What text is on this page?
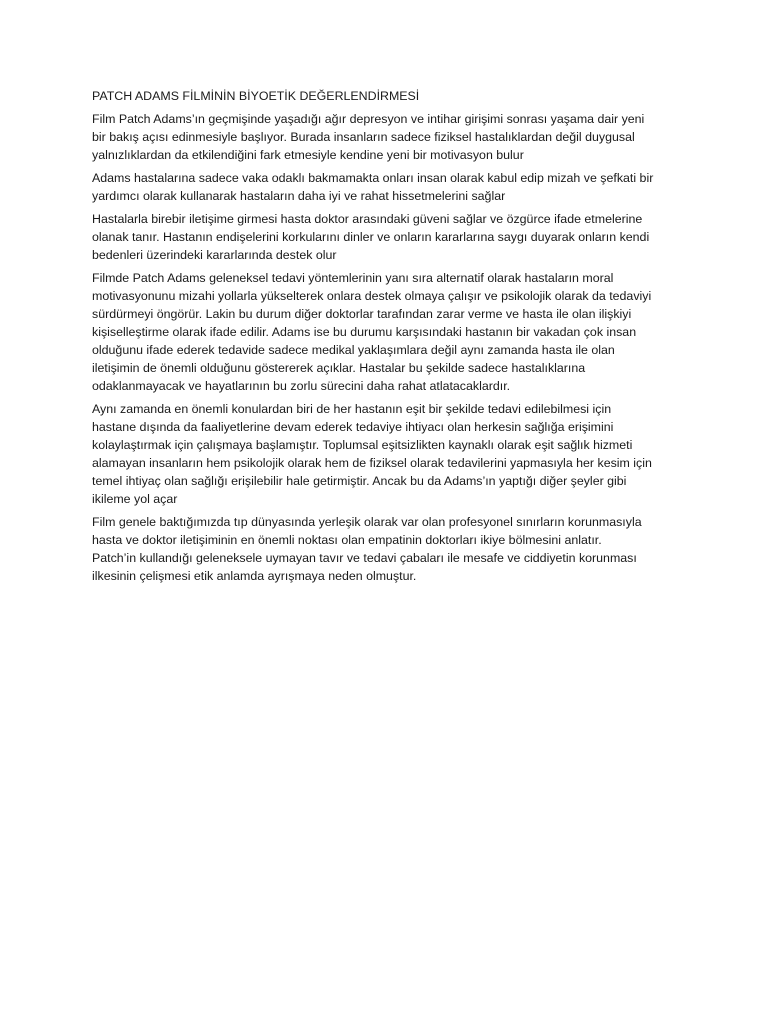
PATCH ADAMS FİLMİNİN BİYOETİK DEĞERLENDİRMESİ
Film Patch Adams’ın geçmişinde yaşadığı ağır depresyon ve intihar girişimi sonrası yaşama dair yeni
bir bakış açısı edinmesiyle başlıyor. Burada insanların sadece fiziksel hastalıklardan değil duygusal
yalnızlıklardan da etkilendiğini fark etmesiyle kendine yeni bir motivasyon bulur
Adams hastalarına sadece vaka odaklı bakmamakta onları insan olarak kabul edip mizah ve şefkati bir
yardımcı olarak kullanarak hastaların daha iyi ve rahat hissetmelerini sağlar
Hastalarla birebir iletişime girmesi hasta doktor arasındaki güveni sağlar ve özgürce ifade etmelerine
olanak tanır. Hastanın endişelerini korkularını dinler ve onların kararlarına saygı duyarak onların kendi
bedenleri üzerindeki kararlarında destek olur
Filmde Patch Adams geleneksel tedavi yöntemlerinin yanı sıra alternatif olarak hastaların moral
motivasyonunu mizahi yollarla yükselterek onlara destek olmaya çalışır ve psikolojik olarak da tedaviyi
sürdürmeyi öngörür. Lakin bu durum diğer doktorlar tarafından zarar verme ve hasta ile olan ilişkiyi
kişiselleştirme olarak ifade edilir. Adams ise bu durumu karşısındaki hastanın bir vakadan çok insan
olduğunu ifade ederek tedavide sadece medikal yaklaşımlara değil aynı zamanda hasta ile olan
iletişimin de önemli olduğunu göstererek açıklar. Hastalar bu şekilde sadece hastalıklarına
odaklanmayacak ve hayatlarının bu zorlu sürecini daha rahat atlatacaklardır.
Aynı zamanda en önemli konulardan biri de her hastanın eşit bir şekilde tedavi edilebilmesi için
hastane dışında da faaliyetlerine devam ederek tedaviye ihtiyacı olan herkesin sağlığa erişimini
kolaylaştırmak için çalışmaya başlamıştır. Toplumsal eşitsizlikten kaynaklı olarak eşit sağlık hizmeti
alamayan insanların hem psikolojik olarak hem de fiziksel olarak tedavilerini yapmasıyla her kesim için
temel ihtiyaç olan sağlığı erişilebilir hale getirmiştir. Ancak bu da Adams’ın yaptığı diğer şeyler gibi
ikileme yol açar
Film genele baktığımızda tıp dünyasında yerleşik olarak var olan profesyonel sınırların korunmasıyla
hasta ve doktor iletişiminin en önemli noktası olan empatinin doktorları ikiye bölmesini anlatır.
Patch’in kullandığı geleneksele uymayan tavır ve tedavi çabaları ile mesafe ve ciddiyetin korunması
ilkesinin çelişmesi etik anlamda ayrışmaya neden olmuştur.
